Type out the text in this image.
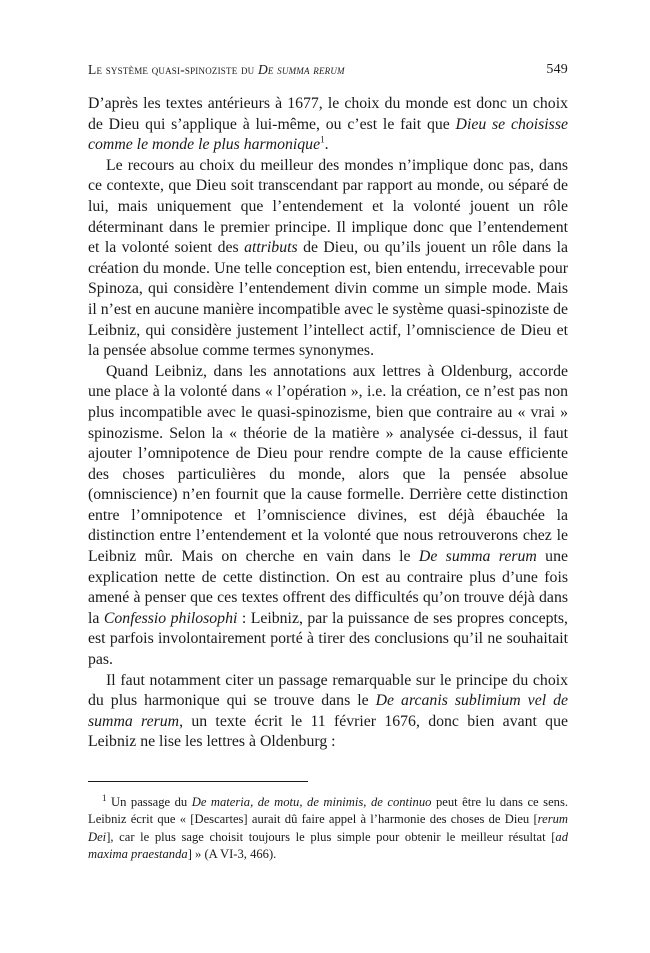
Le système quasi-spinoziste du De summa rerum	549

D’après les textes antérieurs à 1677, le choix du monde est donc un choix de Dieu qui s’applique à lui-même, ou c’est le fait que Dieu se choisisse comme le monde le plus harmonique$^1$.

Le recours au choix du meilleur des mondes n’implique donc pas, dans ce contexte, que Dieu soit transcendant par rapport au monde, ou séparé de lui, mais uniquement que l’entendement et la volonté jouent un rôle déterminant dans le premier principe. Il implique donc que l’entendement et la volonté soient des attributs de Dieu, ou qu’ils jouent un rôle dans la création du monde. Une telle conception est, bien entendu, irrecevable pour Spinoza, qui considère l’entendement divin comme un simple mode. Mais il n’est en aucune manière incompatible avec le système quasi-spinoziste de Leibniz, qui considère justement l’intellect actif, l’omniscience de Dieu et la pensée absolue comme termes synonymes.

Quand Leibniz, dans les annotations aux lettres à Oldenburg, accorde une place à la volonté dans « l’opération », i.e. la création, ce n’est pas non plus incompatible avec le quasi-spinozisme, bien que contraire au « vrai » spinozisme. Selon la « théorie de la matière » analysée ci-dessus, il faut ajouter l’omnipotence de Dieu pour rendre compte de la cause efficiente des choses particulières du monde, alors que la pensée absolue (omniscience) n’en fournit que la cause formelle. Derrière cette distinction entre l’omnipotence et l’omniscience divines, est déjà ébauchée la distinction entre l’entendement et la volonté que nous retrouverons chez le Leibniz mûr. Mais on cherche en vain dans le De summa rerum une explication nette de cette distinction. On est au contraire plus d’une fois amené à penser que ces textes offrent des difficultés qu’on trouve déjà dans la Confessio philosophi : Leibniz, par la puissance de ses propres concepts, est parfois involontairement porté à tirer des conclusions qu’il ne souhaitait pas.

Il faut notamment citer un passage remarquable sur le principe du choix du plus harmonique qui se trouve dans le De arcanis sublimium vel de summa rerum, un texte écrit le 11 février 1676, donc bien avant que Leibniz ne lise les lettres à Oldenburg :

$^1$ Un passage du De materia, de motu, de minimis, de continuo peut être lu dans ce sens. Leibniz écrit que « [Descartes] aurait dû faire appel à l’harmonie des choses de Dieu [rerum Dei], car le plus sage choisit toujours le plus simple pour obtenir le meilleur résultat [ad maxima praestanda] » (A VI-3, 466).
